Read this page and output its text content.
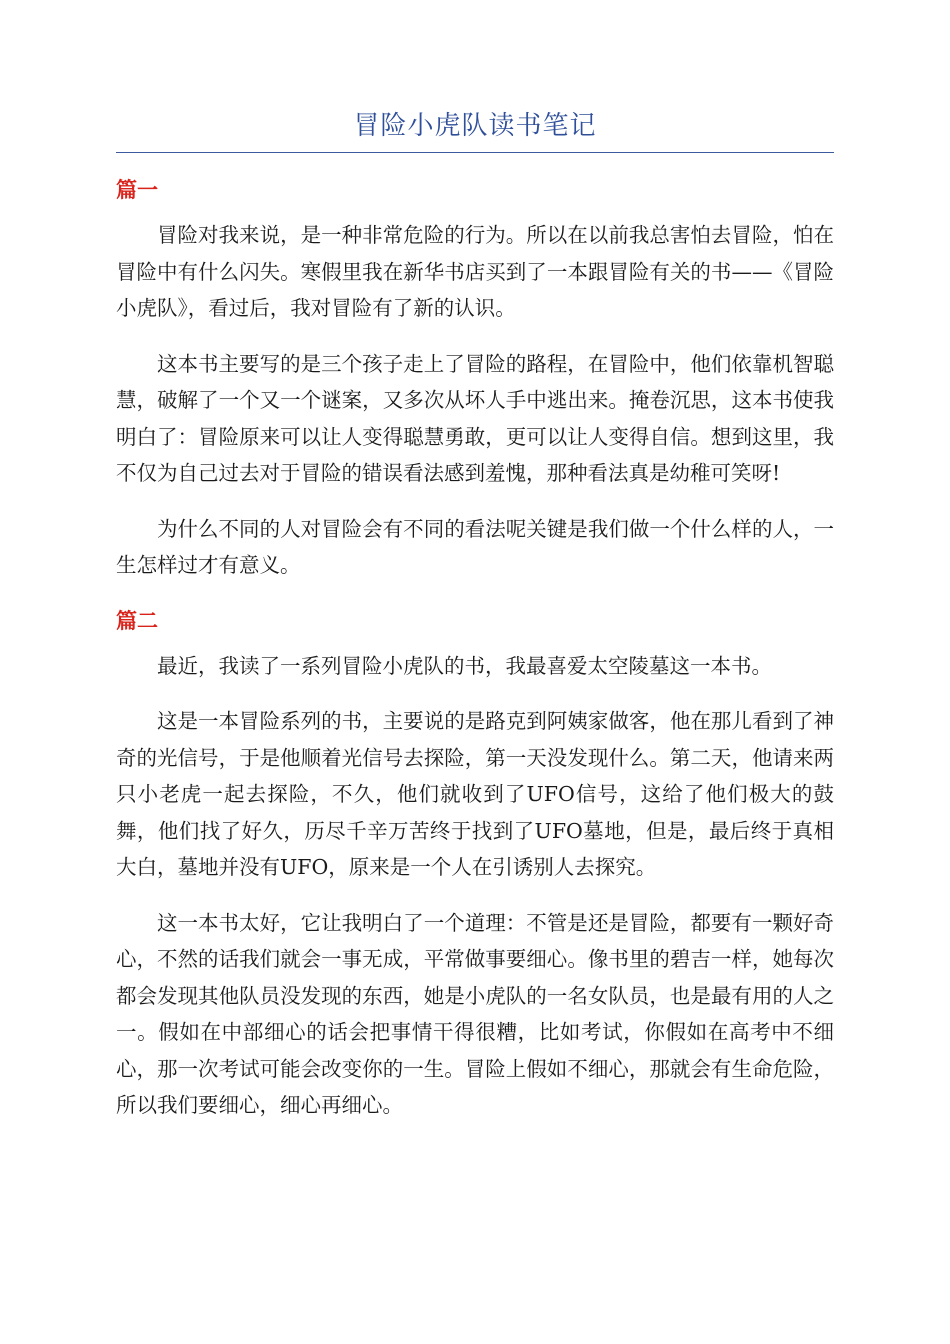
冒险小虎队读书笔记
篇一

冒险对我来说，是一种非常危险的行为。所以在以前我总害怕去冒险，怕在冒险中有什么闪失。寒假里我在新华书店买到了一本跟冒险有关的书——《冒险小虎队》，看过后，我对冒险有了新的认识。

这本书主要写的是三个孩子走上了冒险的路程，在冒险中，他们依靠机智聪慧，破解了一个又一个谜案，又多次从坏人手中逃出来。掩卷沉思，这本书使我明白了：冒险原来可以让人变得聪慧勇敢，更可以让人变得自信。想到这里，我不仅为自己过去对于冒险的错误看法感到羞愧，那种看法真是幼稚可笑呀!

为什么不同的人对冒险会有不同的看法呢关键是我们做一个什么样的人，一生怎样过才有意义。

篇二

最近，我读了一系列冒险小虎队的书，我最喜爱太空陵墓这一本书。

这是一本冒险系列的书，主要说的是路克到阿姨家做客，他在那儿看到了神奇的光信号，于是他顺着光信号去探险，第一天没发现什么。第二天，他请来两只小老虎一起去探险，不久，他们就收到了UFO信号，这给了他们极大的鼓舞，他们找了好久，历尽千辛万苦终于找到了UFO墓地，但是，最后终于真相大白，墓地并没有UFO，原来是一个人在引诱别人去探究。

这一本书太好，它让我明白了一个道理：不管是还是冒险，都要有一颗好奇心，不然的话我们就会一事无成，平常做事要细心。像书里的碧吉一样，她每次都会发现其他队员没发现的东西，她是小虎队的一名女队员，也是最有用的人之一。假如在中部细心的话会把事情干得很糟，比如考试，你假如在高考中不细心，那一次考试可能会改变你的一生。冒险上假如不细心，那就会有生命危险，所以我们要细心，细心再细心。
